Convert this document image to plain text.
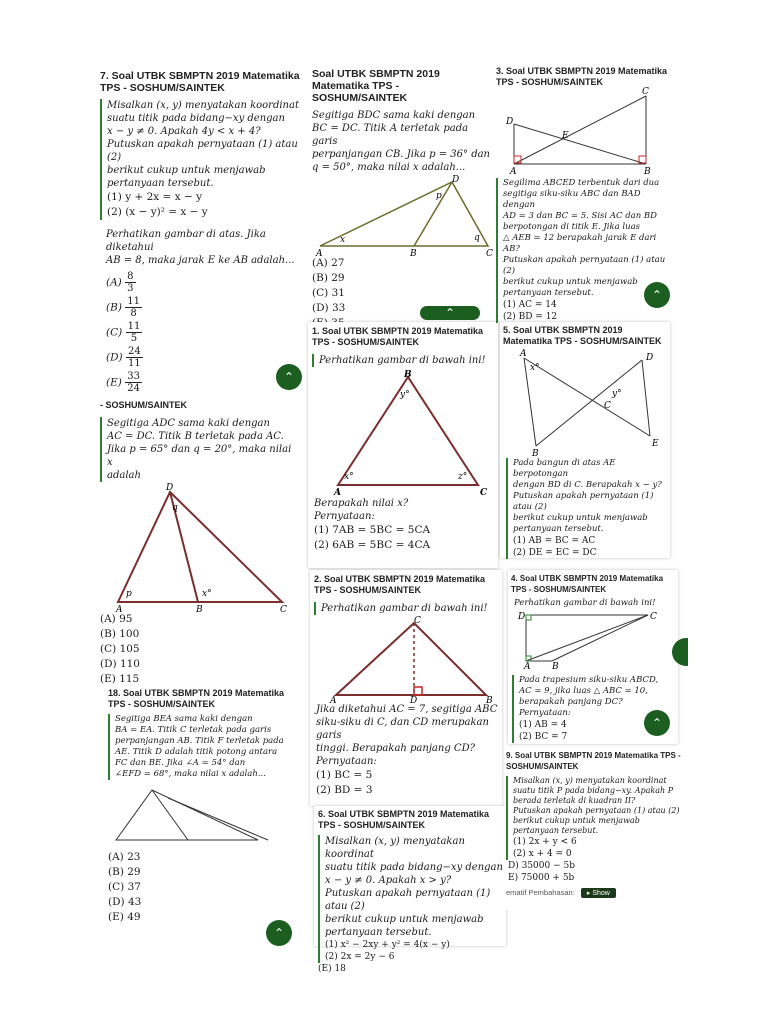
7. Soal UTBK SBMPTN 2019 Matematika TPS - SOSHUM/SAINTEK
Misalkan (x, y) menyatakan koordinat
suatu titik pada bidang−xy dengan
x − y ≠ 0. Apakah 4y < x + 4?
Putuskan apakah pernyataan (1) atau (2)
berikut cukup untuk menjawab
pertanyaan tersebut.
(1) y + 2x = x − y
(2) (x − y)² = x − y
Perhatikan gambar di atas. Jika diketahui
AB = 8, maka jarak E ke AB adalah...
$(A) \frac{8}{3}$
$(B) \frac{11}{8}$
$(C) \frac{11}{5}$
$(D) \frac{24}{11}$
$(E) \frac{33}{24}$	⌃
- SOSHUM/SAINTEK
Segitiga ADC sama kaki dengan
AC = DC. Titik B terletak pada AC.
Jika p = 65° dan q = 20°, maka nilai x
adalah
D
q
p	x°
A	B	C
(A) 95
(B) 100
(C) 105
(D) 110
(E) 115
18. Soal UTBK SBMPTN 2019 Matematika TPS - SOSHUM/SAINTEK
Segitiga BEA sama kaki dengan
BA = EA. Titik C terletak pada garis
perpanjangan AB. Titik F terletak pada
AE. Titik D adalah titik potong antara
FC dan BE. Jika ∠A = 54° dan
∠EFD = 68°, maka nilai x adalah...
(A) 23
(B) 29
(C) 37
(D) 43
(E) 49
⌃
Soal UTBK SBMPTN 2019 Matematika TPS - SOSHUM/SAINTEK
Segitiga BDC sama kaki dengan
BC = DC. Titik A terletak pada garis
perpanjangan CB. Jika p = 36° dan
q = 50°, maka nilai x adalah...
D
p
A	B	C
x	q
(A) 27
(B) 29
(C) 31
(D) 33	⌃
1. Soal UTBK SBMPTN 2019 Matematika TPS - SOSHUM/SAINTEK
Perhatikan gambar di bawah ini!
B
y°
x°	z°
A	C
Berapakah nilai x?
Pernyataan:
(1) 7AB = 5BC = 5CA
(2) 6AB = 5BC = 4CA
2. Soal UTBK SBMPTN 2019 Matematika TPS - SOSHUM/SAINTEK
Perhatikan gambar di bawah ini!
C
A	D	B
Jika diketahui AC = 7, segitiga ABC
siku-siku di C, dan CD merupakan garis
tinggi. Berapakah panjang CD?
Pernyataan:
(1) BC = 5
(2) BD = 3
6. Soal UTBK SBMPTN 2019 Matematika TPS - SOSHUM/SAINTEK
Misalkan (x, y) menyatakan koordinat
suatu titik pada bidang−xy dengan
x − y ≠ 0. Apakah x > y?
Putuskan apakah pernyataan (1) atau (2)
berikut cukup untuk menjawab
pertanyaan tersebut.
(1) x² − 2xy + y² = 4(x − y)
(2) 2x = 2y − 6
(E) 18
3. Soal UTBK SBMPTN 2019 Matematika TPS - SOSHUM/SAINTEK
C
D
E
A	B
Segilima ABCED terbentuk dari dua
segitiga siku-siku ABC dan BAD dengan
AD = 3 dan BC = 5. Sisi AC dan BD
berpotongan di titik E. Jika luas
△ AEB = 12 berapakah jarak E dari
AB?
Putuskan apakah pernyataan (1) atau (2)
berikut cukup untuk menjawab
pertanyaan tersebut.
(1) AC = 14
(2) BD = 12
⌃
5. Soal UTBK SBMPTN 2019 Matematika TPS - SOSHUM/SAINTEK
A
x°
D
C
y°
E
B
Pada bangun di atas AE berpotongan
dengan BD di C. Berapakah x − y?
Putuskan apakah pernyataan (1) atau (2)
berikut cukup untuk menjawab
pertanyaan tersebut.
(1) AB = BC = AC
(2) DE = EC = DC
4. Soal UTBK SBMPTN 2019 Matematika TPS - SOSHUM/SAINTEK
Perhatikan gambar di bawah ini!
D	C
A B
Pada trapesium siku-siku ABCD,
AC = 9, jika luas △ ABC = 10,
berapakah panjang DC?
Pernyataan:
(1) AB = 4
(2) BC = 7
⌃
9. Soal UTBK SBMPTN 2019 Matematika TPS - SOSHUM/SAINTEK
Misalkan (x, y) menyatakan koordinat
suatu titik P pada bidang−xy. Apakah P
berada terletak di kuadran II?
Putuskan apakah pernyataan (1) atau (2)
berikut cukup untuk menjawab
pertanyaan tersebut.
(1) 2x + y < 6
(2) x + 4 = 0
D) 35000 − 5b
E) 75000 + 5b
ematif Pembahasan: ▸ Show
